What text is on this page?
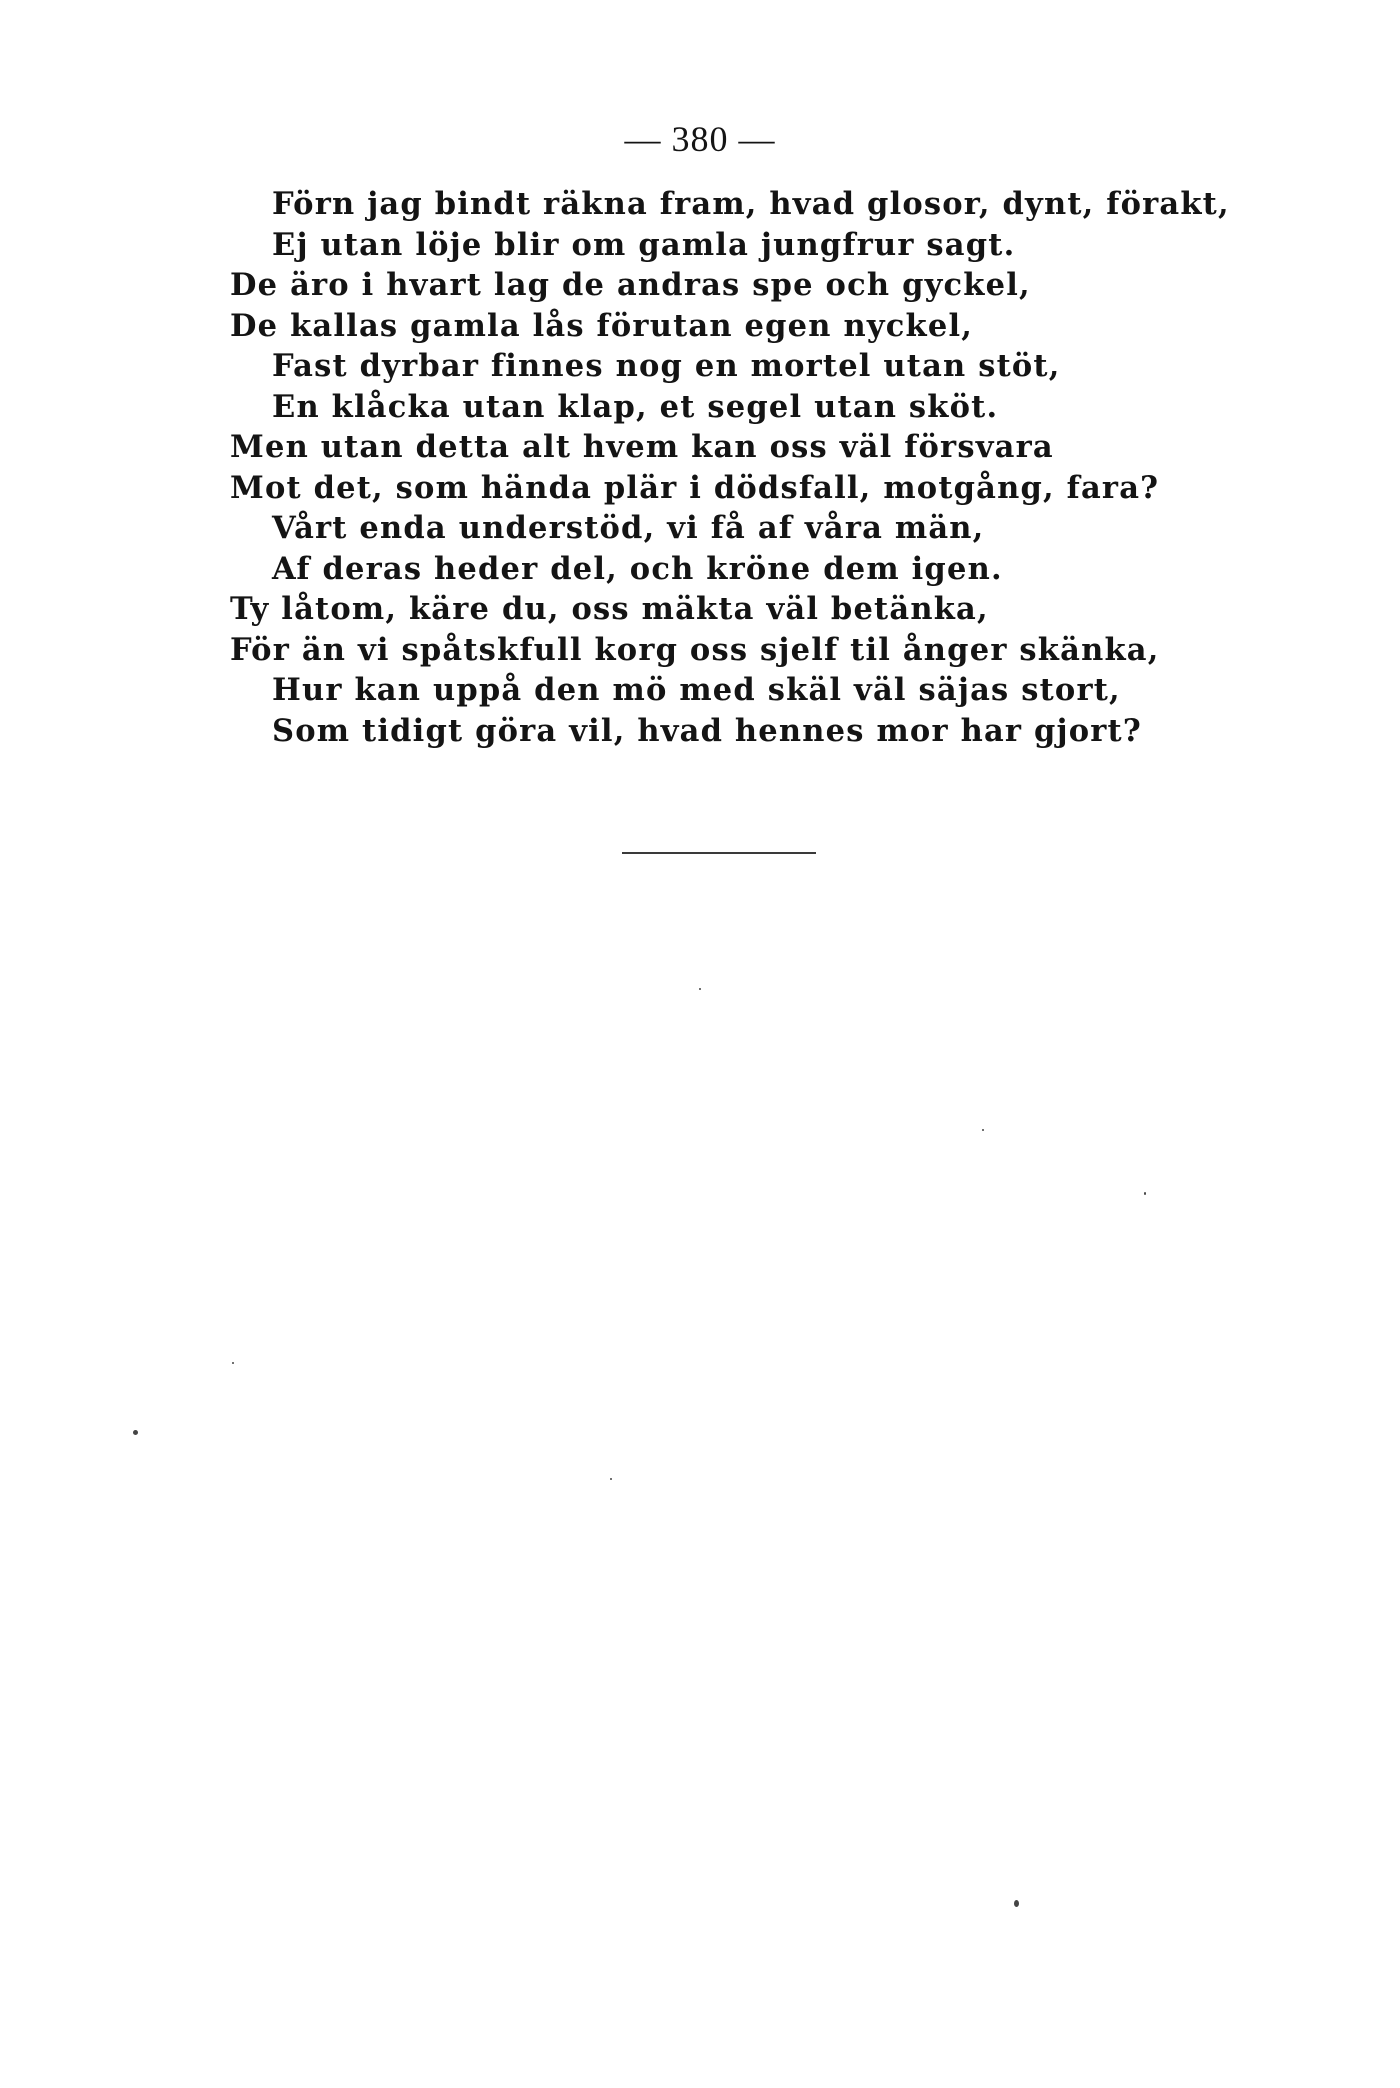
— 380 —
Förn jag bindt räkna fram, hvad glosor, dynt, förakt,
Ej utan löje blir om gamla jungfrur sagt.
De äro i hvart lag de andras spe och gyckel,
De kallas gamla lås förutan egen nyckel,
Fast dyrbar finnes nog en mortel utan stöt,
En klåcka utan klap, et segel utan sköt.
Men utan detta alt hvem kan oss väl försvara
Mot det, som hända plär i dödsfall, motgång, fara?
Vårt enda understöd, vi få af våra män,
Af deras heder del, och kröne dem igen.
Ty låtom, käre du, oss mäkta väl betänka,
För än vi spåtskfull korg oss sjelf til ånger skänka,
Hur kan uppå den mö med skäl väl säjas stort,
Som tidigt göra vil, hvad hennes mor har gjort?
